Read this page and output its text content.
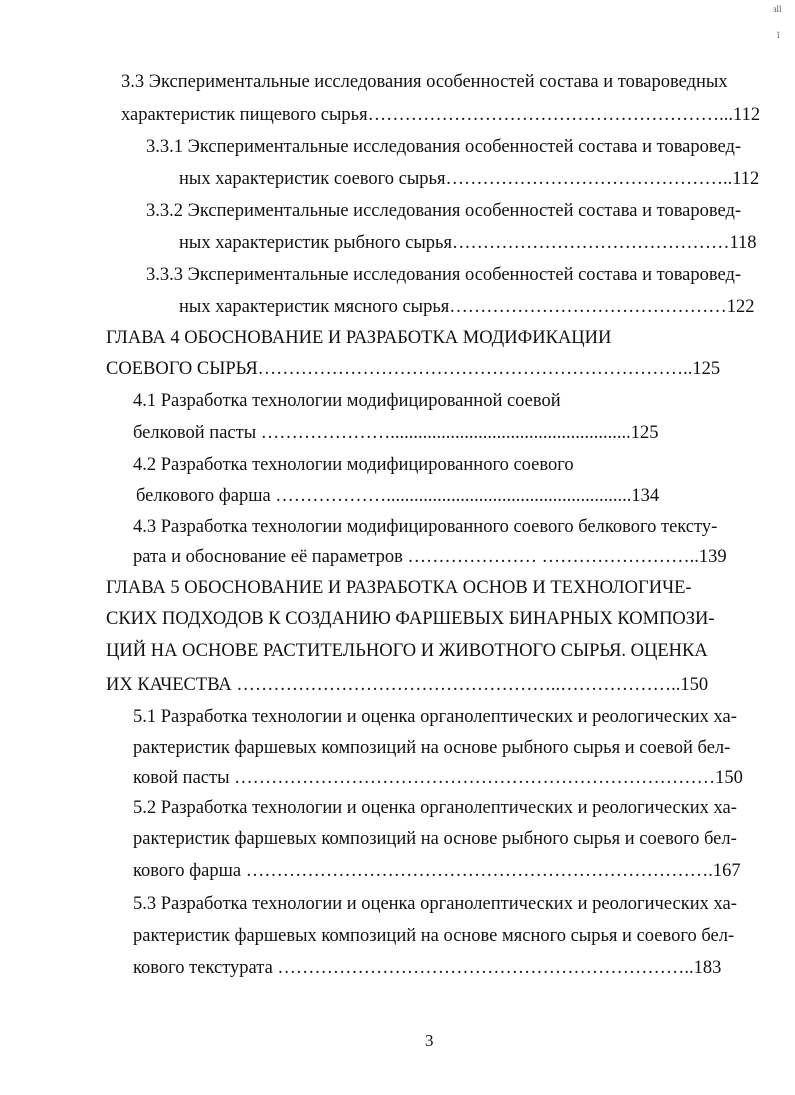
зll
ǐ
3.3 Экспериментальные исследования особенностей состава и товароведных
характеристик пищевого сырья…………………………………………………...112
3.3.1 Экспериментальные исследования особенностей состава и товаровед-
ных характеристик соевого сырья………………………………………..112
3.3.2 Экспериментальные исследования особенностей состава и товаровед-
ных характеристик рыбного сырья………………………………………118
3.3.3 Экспериментальные исследования особенностей состава и товаровед-
ных характеристик мясного сырья………………………………………122
ГЛАВА 4 ОБОСНОВАНИЕ И РАЗРАБОТКА МОДИФИКАЦИИ
СОЕВОГО СЫРЬЯ……………………………………………………………..125
4.1 Разработка технологии модифицированной соевой
белковой пасты …………………....................................................125
4.2 Разработка технологии модифицированного соевого
белкового фарша ……………….....................................................134
4.3 Разработка технологии модифицированного соевого белкового тексту-
рата и обоснование её параметров ………………… ……………………..139
ГЛАВА 5 ОБОСНОВАНИЕ И РАЗРАБОТКА ОСНОВ И ТЕХНОЛОГИЧЕ-
СКИХ ПОДХОДОВ К СОЗДАНИЮ ФАРШЕВЫХ БИНАРНЫХ КОМПОЗИ-
ЦИЙ НА ОСНОВЕ РАСТИТЕЛЬНОГО И ЖИВОТНОГО СЫРЬЯ. ОЦЕНКА
ИХ КАЧЕСТВА ……………………………………………..………………..150
5.1 Разработка технологии и оценка органолептических и реологических ха-
рактеристик фаршевых композиций на основе рыбного сырья и соевой бел-
ковой пасты ……………………………………………………………………150
5.2 Разработка технологии и оценка органолептических и реологических ха-
рактеристик фаршевых композиций на основе рыбного сырья и соевого бел-
кового фарша ………………………………………………………………….167
5.3 Разработка технологии и оценка органолептических и реологических ха-
рактеристик фаршевых композиций на основе мясного сырья и соевого бел-
кового текстурата …………………………………………………………..183
3
